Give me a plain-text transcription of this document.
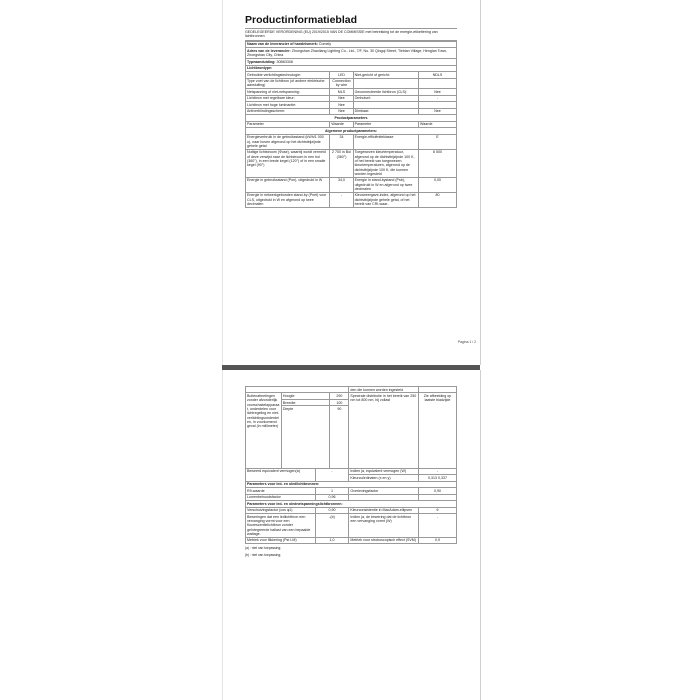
Productinformatieblad
GEDELEGEERDE VERORDENING (EU) 2019/2015 VAN DE COMMISSIE met betrekking tot de energie-etikettering van lichtbronnen
Naam van de leverancier of handelsmerk: Comely			
Adres van de leverancier: Zhongshan Zhaoliang Lighting Co., Ltd., 7/F, No. 30 Qingqi Street, Tiebian Village, Henglan Town, Zhongshan City, China			
Typeaanduiding: 30B63308			
Lichtbrontype:			
Gebruikte verlichtingstechnologie:	LED	Niet-gericht of gericht:	NDLS
Type voet van de lichtbron (of andere elektrische aansluiting)	Connection by wire		
Netspanning of niet-netspanning:	MLS	Geconnecteerde lichtbron (CLS):	Nee
Lichtbron met regelbare kleur:	Nee	Omhulsel:	-
Lichtbron met hoge luminantie:	Nee		
Antiverblindingsscherm:	Nee	Dimbaar:	Nee
Productparameters			
Parameter	Waarde	Parameter	Waarde
Algemene productparameters:			
Energieverbruik in de gebruiksstand (kWh/1 000 u), naar boven afgerond op het dichtstbijzijnde gehele getal	34	Energie-efficiëntieklasse	E
Nuttige lichtstroom (Φuse), waarbij wordt vermeld of deze verwijst naar de lichtstroom in een bol (360°), in een brede kegel (120°) of in een smalle kegel (90°)	2 700 in Bol (360°)	Toegewezen kleurtemperatuur, afgerond op de dichtstbijzijnde 100 K, of het bereik van toegewezen kleurtemperaturen, afgerond op de dichtstbijzijnde 100 K, die kunnen worden ingesteld	6 500
Energie in gebruiksstand (Pon), uitgedrukt in W	34,0	Energie in stand-bystand (Psb), uitgedrukt in W en afgerond op twee decimalen	0,00
Energie in netwerkgebonden stand-by (Pnet) voor CLS, uitgedrukt in W en afgerond op twee decimalen	-	Kleurweergave-index, afgerond op het dichtstbijzijnde gehele getal, of het bereik van CRI-waar-	80
Pagina 1 / 2
				den die kunnen worden ingesteld	
Buitenafmetingen zonder afzonderlijk voorschakelapparaat, onderdelen voor lichtregeling en niet-verlichtingsonderdelen, in voorkomend geval (in millimeter)	Hoogte		290	Spectrale distributie in het bereik van 250 nm tot 800 nm, bij vollast	Zie afbeelding op laatste bladzijde
	Breedte		100		
	Diepte		90		
Beweerd equivalent vermogen(a)		-		Indien ja, equivalent vermogen (W)	-
				Kleurcoördinaten (x en y)	0,313 0,337
Parameters voor led- en oledlichtbronnen:					
R9-waarde		1		Overlevingsfactor	0,90
Lumenbehoudsfactor		0,96			
Parameters voor led- en olednetspanningslichtbronnen:					
Verschuivingsfactor (cos φ1)		0,90		Kleurconsistentie in MacAdam-ellipsen	6
Beweringen dat een ledlichtbron een vervanging vormt voor een fluorescentielichtbron zonder geïntegreerde ballast van een bepaalde wattage.		-(b)		Indien ja, de bewering dat de lichtbron een vervanging vormt (W)	-
Metriek voor flikkering (Pst LM)		1,0		Metriek voor stroboscopisch effect (SVM)	0,9
(a) : niet van toepassing;
(b) : niet van toepassing;
